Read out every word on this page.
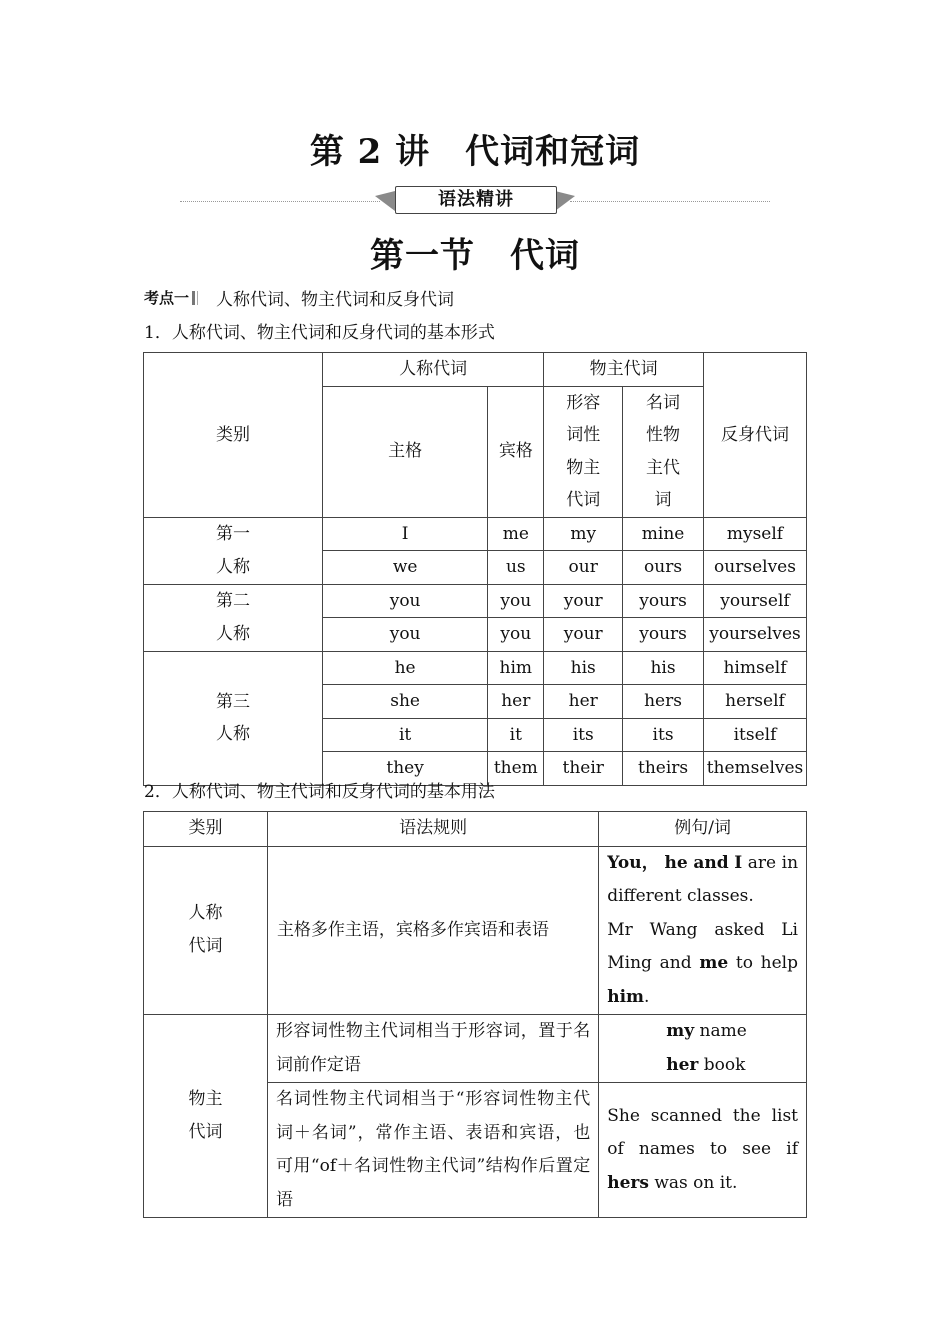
第 2 讲　代词和冠词
语法精讲
第一节　代词
考点一 人称代词、物主代词和反身代词
1．人称代词、物主代词和反身代词的基本形式
类别	人称代词		物主代词		反身代词
	主格	宾格	形容词性物主代词	名词性物主代词	
第一人称	I	me	my	mine	myself
	we	us	our	ours	ourselves
第二人称	you	you	your	yours	yourself
	you	you	your	yours	yourselves
第三人称	he	him	his	his	himself
	she	her	her	hers	herself
	it	it	its	its	itself
	they	them	their	theirs	themselves
2．人称代词、物主代词和反身代词的基本用法
类别	语法规则	例句/词
人称代词	主格多作主语，宾格多作宾语和表语	You， he and I are in different classes.
Mr Wang asked Li Ming and me to help him.

物主代词	形容词性物主代词相当于形容词，置于名词前作定语	my name
her book

	名词性物主代词相当于“形容词性物主代词＋名词”，常作主语、表语和宾语，也可用“of＋名词性物主代词”结构作后置定语	She scanned the list of names to see if hers was on it.
